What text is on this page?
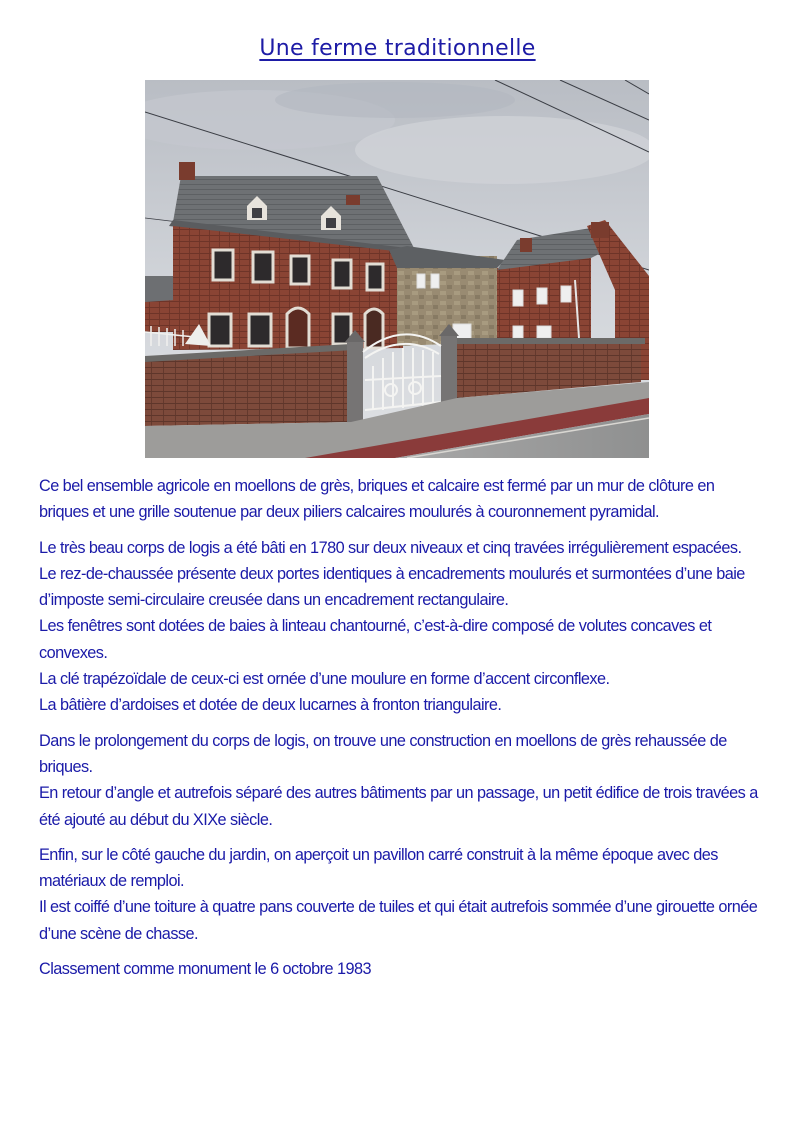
Une ferme traditionnelle

Ce bel ensemble agricole en moellons de grès, briques et calcaire est fermé par un mur de clôture en briques et une grille soutenue par deux piliers calcaires moulurés à couronnement pyramidal.

Le très beau corps de logis a été bâti en 1780 sur deux niveaux et cinq travées irrégulièrement espacées.
Le rez-de-chaussée présente deux portes identiques à encadrements moulurés et surmontées d’une baie d’imposte semi-circulaire creusée dans un encadrement rectangulaire.
Les fenêtres sont dotées de baies à linteau chantourné, c’est-à-dire composé de volutes concaves et convexes.
La clé trapézoïdale de ceux-ci est ornée d’une moulure en forme d’accent circonflexe.
La bâtière d’ardoises et dotée de deux lucarnes à fronton triangulaire.

Dans le prolongement du corps de logis, on trouve une construction en moellons de grès rehaussée de briques.
En retour d’angle et autrefois séparé des autres bâtiments par un passage, un petit édifice de trois travées a été ajouté au début du XIXe siècle.

Enfin, sur le côté gauche du jardin, on aperçoit un pavillon carré construit à la même époque avec des matériaux de remploi.
Il est coiffé d’une toiture à quatre pans couverte de tuiles et qui était autrefois sommée d’une girouette ornée d’une scène de chasse.

Classement comme monument le 6 octobre 1983
